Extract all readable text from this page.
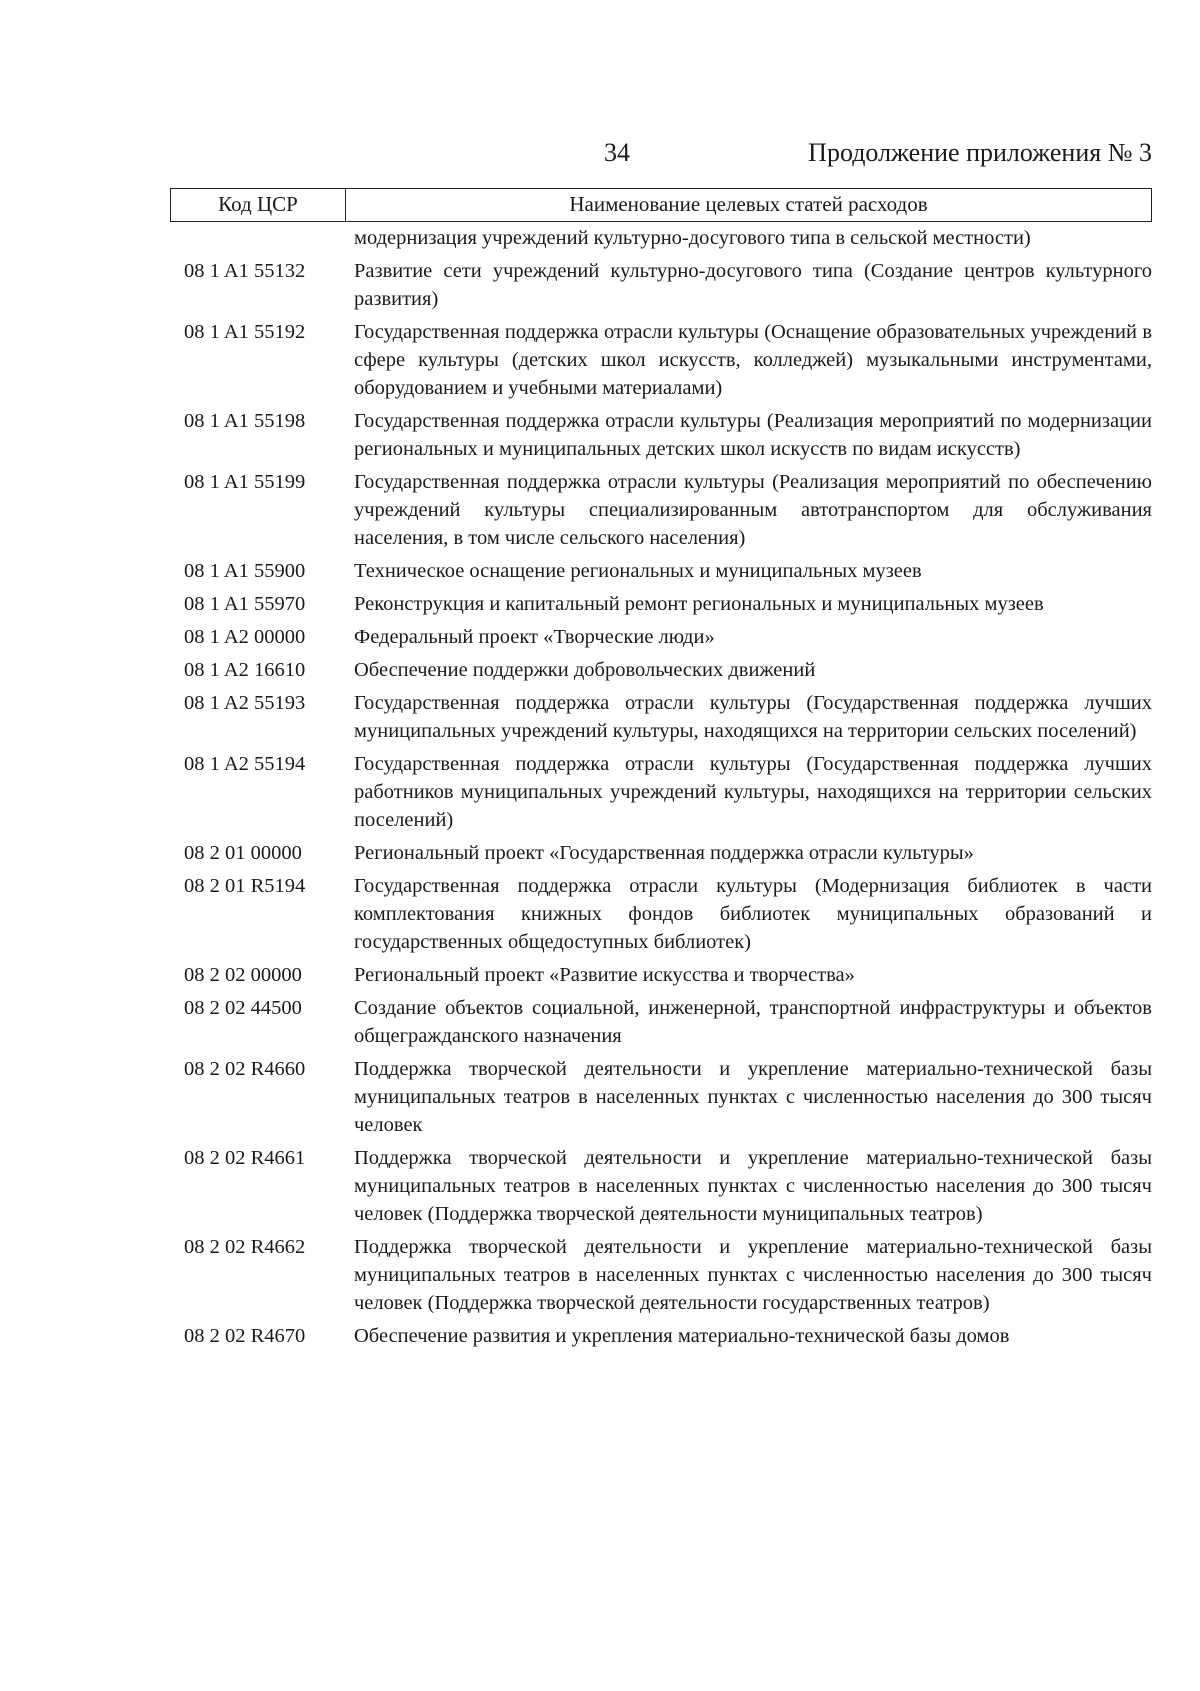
34	Продолжение приложения № 3
Код ЦСР	Наименование целевых статей расходов
модернизация учреждений культурно-досугового типа в сельской местности)
08 1 A1 55132	Развитие сети учреждений культурно-досугового типа (Создание центров культурного развития)
08 1 A1 55192	Государственная поддержка отрасли культуры (Оснащение образовательных учреждений в сфере культуры (детских школ искусств, колледжей) музыкальными инструментами, оборудованием и учебными материалами)
08 1 A1 55198	Государственная поддержка отрасли культуры (Реализация мероприятий по модернизации региональных и муниципальных детских школ искусств по видам искусств)
08 1 A1 55199	Государственная поддержка отрасли культуры (Реализация мероприятий по обеспечению учреждений культуры специализированным автотранспортом для обслуживания населения, в том числе сельского населения)
08 1 A1 55900	Техническое оснащение региональных и муниципальных музеев
08 1 A1 55970	Реконструкция и капитальный ремонт региональных и муниципальных музеев
08 1 A2 00000	Федеральный проект «Творческие люди»
08 1 A2 16610	Обеспечение поддержки добровольческих движений
08 1 A2 55193	Государственная поддержка отрасли культуры (Государственная поддержка лучших муниципальных учреждений культуры, находящихся на территории сельских поселений)
08 1 A2 55194	Государственная поддержка отрасли культуры (Государственная поддержка лучших работников муниципальных учреждений культуры, находящихся на территории сельских поселений)
08 2 01 00000	Региональный проект «Государственная поддержка отрасли культуры»
08 2 01 R5194	Государственная поддержка отрасли культуры (Модернизация библиотек в части комплектования книжных фондов библиотек муниципальных образований и государственных общедоступных библиотек)
08 2 02 00000	Региональный проект «Развитие искусства и творчества»
08 2 02 44500	Создание объектов социальной, инженерной, транспортной инфраструктуры и объектов общегражданского назначения
08 2 02 R4660	Поддержка творческой деятельности и укрепление материально-технической базы муниципальных театров в населенных пунктах с численностью населения до 300 тысяч человек
08 2 02 R4661	Поддержка творческой деятельности и укрепление материально-технической базы муниципальных театров в населенных пунктах с численностью населения до 300 тысяч человек (Поддержка творческой деятельности муниципальных театров)
08 2 02 R4662	Поддержка творческой деятельности и укрепление материально-технической базы муниципальных театров в населенных пунктах с численностью населения до 300 тысяч человек (Поддержка творческой деятельности государственных театров)
08 2 02 R4670	Обеспечение развития и укрепления материально-технической базы домов
